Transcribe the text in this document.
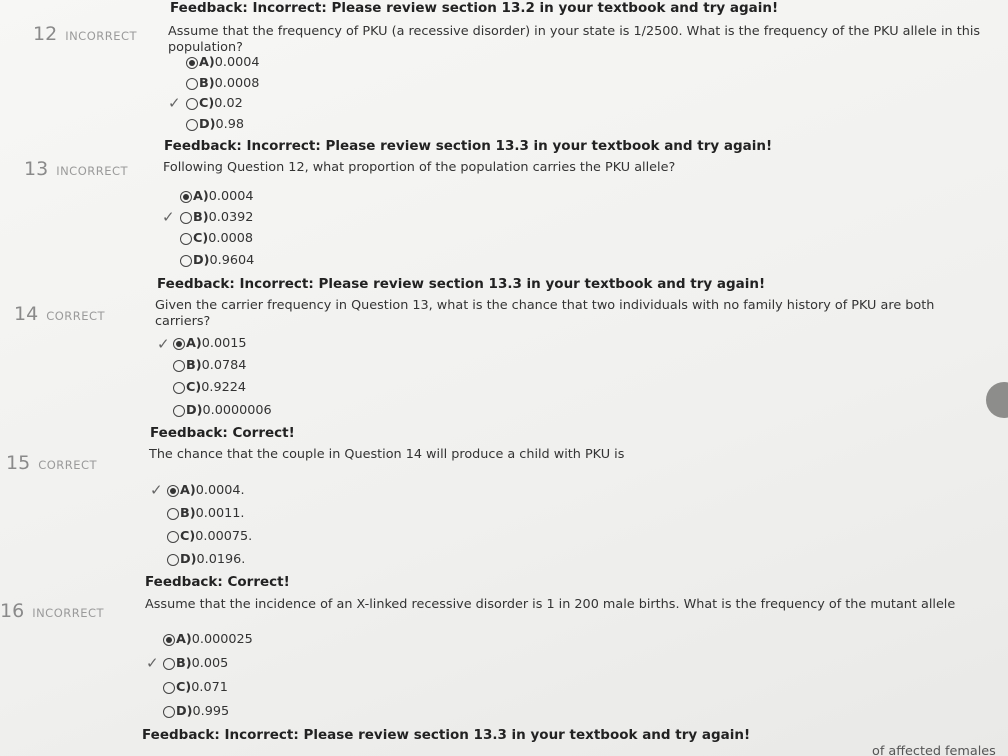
Feedback: Incorrect: Please review section 13.2 in your textbook and try again!
12 INCORRECT Assume that the frequency of PKU (a recessive disorder) in your state is 1/2500. What is the frequency of the PKU allele in this population?
A) 0.0004
B) 0.0008
✓ C) 0.02
D) 0.98
Feedback: Incorrect: Please review section 13.3 in your textbook and try again!
13 INCORRECT	Following Question 12, what proportion of the population carries the PKU allele?
A) 0.0004
✓ B) 0.0392
C) 0.0008
D) 0.9604
Feedback: Incorrect: Please review section 13.3 in your textbook and try again!
14 CORRECT
Given the carrier frequency in Question 13, what is the chance that two individuals with no family history of PKU are both carriers?
✓ A) 0.0015
B) 0.0784
C) 0.9224
D) 0.0000006
Feedback: Correct!
15 CORRECT
The chance that the couple in Question 14 will produce a child with PKU is
✓ A) 0.0004.
B) 0.0011.
C) 0.00075.
D) 0.0196.
Feedback: Correct!
16 INCORRECT
Assume that the incidence of an X-linked recessive disorder is 1 in 200 male births. What is the frequency of the mutant allele
A) 0.000025
✓ B) 0.005
C) 0.071
D) 0.995
Feedback: Incorrect: Please review section 13.3 in your textbook and try again!
of affected females
